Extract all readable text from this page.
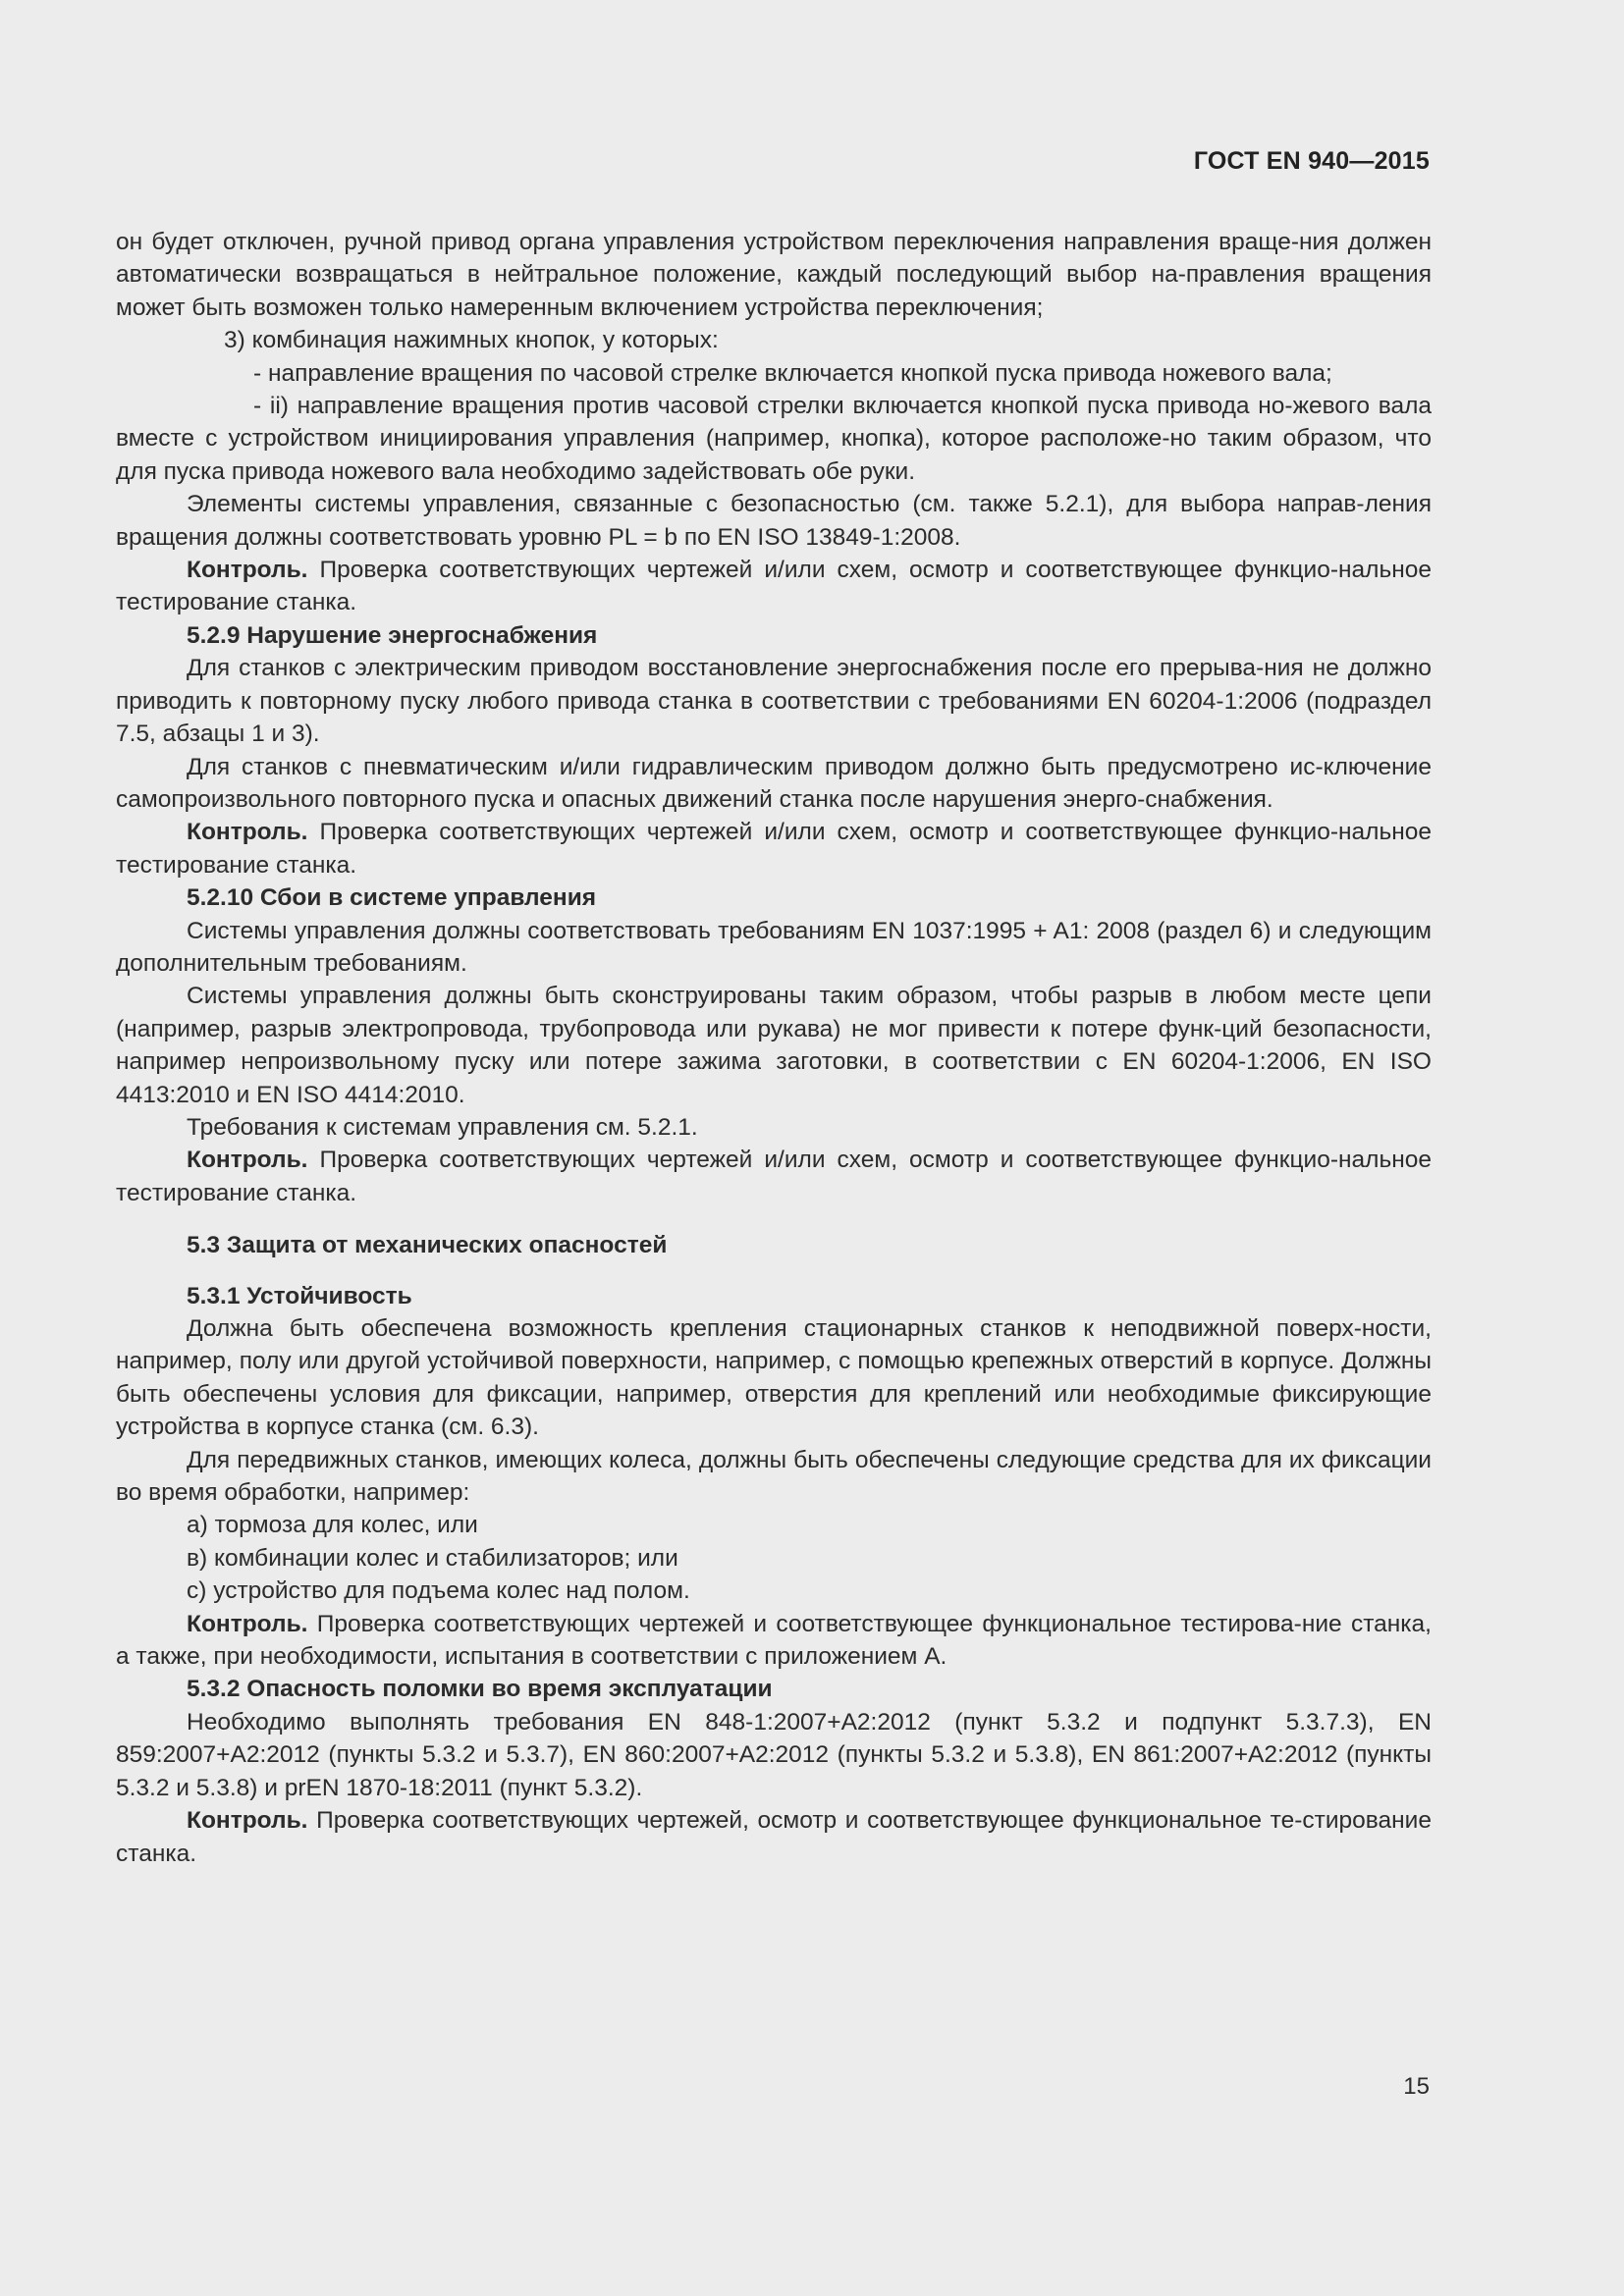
ГОСТ EN 940—2015

он будет отключен, ручной привод органа управления устройством переключения направления враще-ния должен автоматически возвращаться в нейтральное положение, каждый последующий выбор на-правления вращения может быть возможен только намеренным включением устройства переключения;

3) комбинация нажимных кнопок, у которых:

- направление вращения по часовой стрелке включается кнопкой пуска привода ножевого вала;

- ii) направление вращения против часовой стрелки включается кнопкой пуска привода но-жевого вала вместе с устройством инициирования управления (например, кнопка), которое расположе-но таким образом, что для пуска привода ножевого вала необходимо задействовать обе руки.

Элементы системы управления, связанные с безопасностью (см. также 5.2.1), для выбора направ-ления вращения должны соответствовать уровню PL = b по EN ISO 13849-1:2008.

Контроль. Проверка соответствующих чертежей и/или схем, осмотр и соответствующее функцио-нальное тестирование станка.

5.2.9 Нарушение энергоснабжения

Для станков с электрическим приводом восстановление энергоснабжения после его прерыва-ния не должно приводить к повторному пуску любого привода станка в соответствии с требованиями EN 60204-1:2006 (подраздел 7.5, абзацы 1 и 3).

Для станков с пневматическим и/или гидравлическим приводом должно быть предусмотрено ис-ключение самопроизвольного повторного пуска и опасных движений станка после нарушения энерго-снабжения.

Контроль. Проверка соответствующих чертежей и/или схем, осмотр и соответствующее функцио-нальное тестирование станка.

5.2.10 Сбои в системе управления

Системы управления должны соответствовать требованиям EN 1037:1995 + A1: 2008 (раздел 6) и следующим дополнительным требованиям.

Системы управления должны быть сконструированы таким образом, чтобы разрыв в любом месте цепи (например, разрыв электропровода, трубопровода или рукава) не мог привести к потере функ-ций безопасности, например непроизвольному пуску или потере зажима заготовки, в соответствии с EN 60204-1:2006, EN ISO 4413:2010 и EN ISO 4414:2010.

Требования к системам управления см. 5.2.1.

Контроль. Проверка соответствующих чертежей и/или схем, осмотр и соответствующее функцио-нальное тестирование станка.

5.3 Защита от механических опасностей

5.3.1 Устойчивость

Должна быть обеспечена возможность крепления стационарных станков к неподвижной поверх-ности, например, полу или другой устойчивой поверхности, например, с помощью крепежных отверстий в корпусе. Должны быть обеспечены условия для фиксации, например, отверстия для креплений или необходимые фиксирующие устройства в корпусе станка (см. 6.3).

Для передвижных станков, имеющих колеса, должны быть обеспечены следующие средства для их фиксации во время обработки, например:

а) тормоза для колес, или

в) комбинации колес и стабилизаторов; или

с) устройство для подъема колес над полом.

Контроль. Проверка соответствующих чертежей и соответствующее функциональное тестирова-ние станка, а также, при необходимости, испытания в соответствии с приложением А.

5.3.2 Опасность поломки во время эксплуатации

Необходимо выполнять требования EN 848-1:2007+A2:2012 (пункт 5.3.2 и подпункт 5.3.7.3), EN 859:2007+A2:2012 (пункты 5.3.2 и 5.3.7), EN 860:2007+A2:2012 (пункты 5.3.2 и 5.3.8), EN 861:2007+A2:2012 (пункты 5.3.2 и 5.3.8) и prEN 1870-18:2011 (пункт 5.3.2).

Контроль. Проверка соответствующих чертежей, осмотр и соответствующее функциональное те-стирование станка.

15
